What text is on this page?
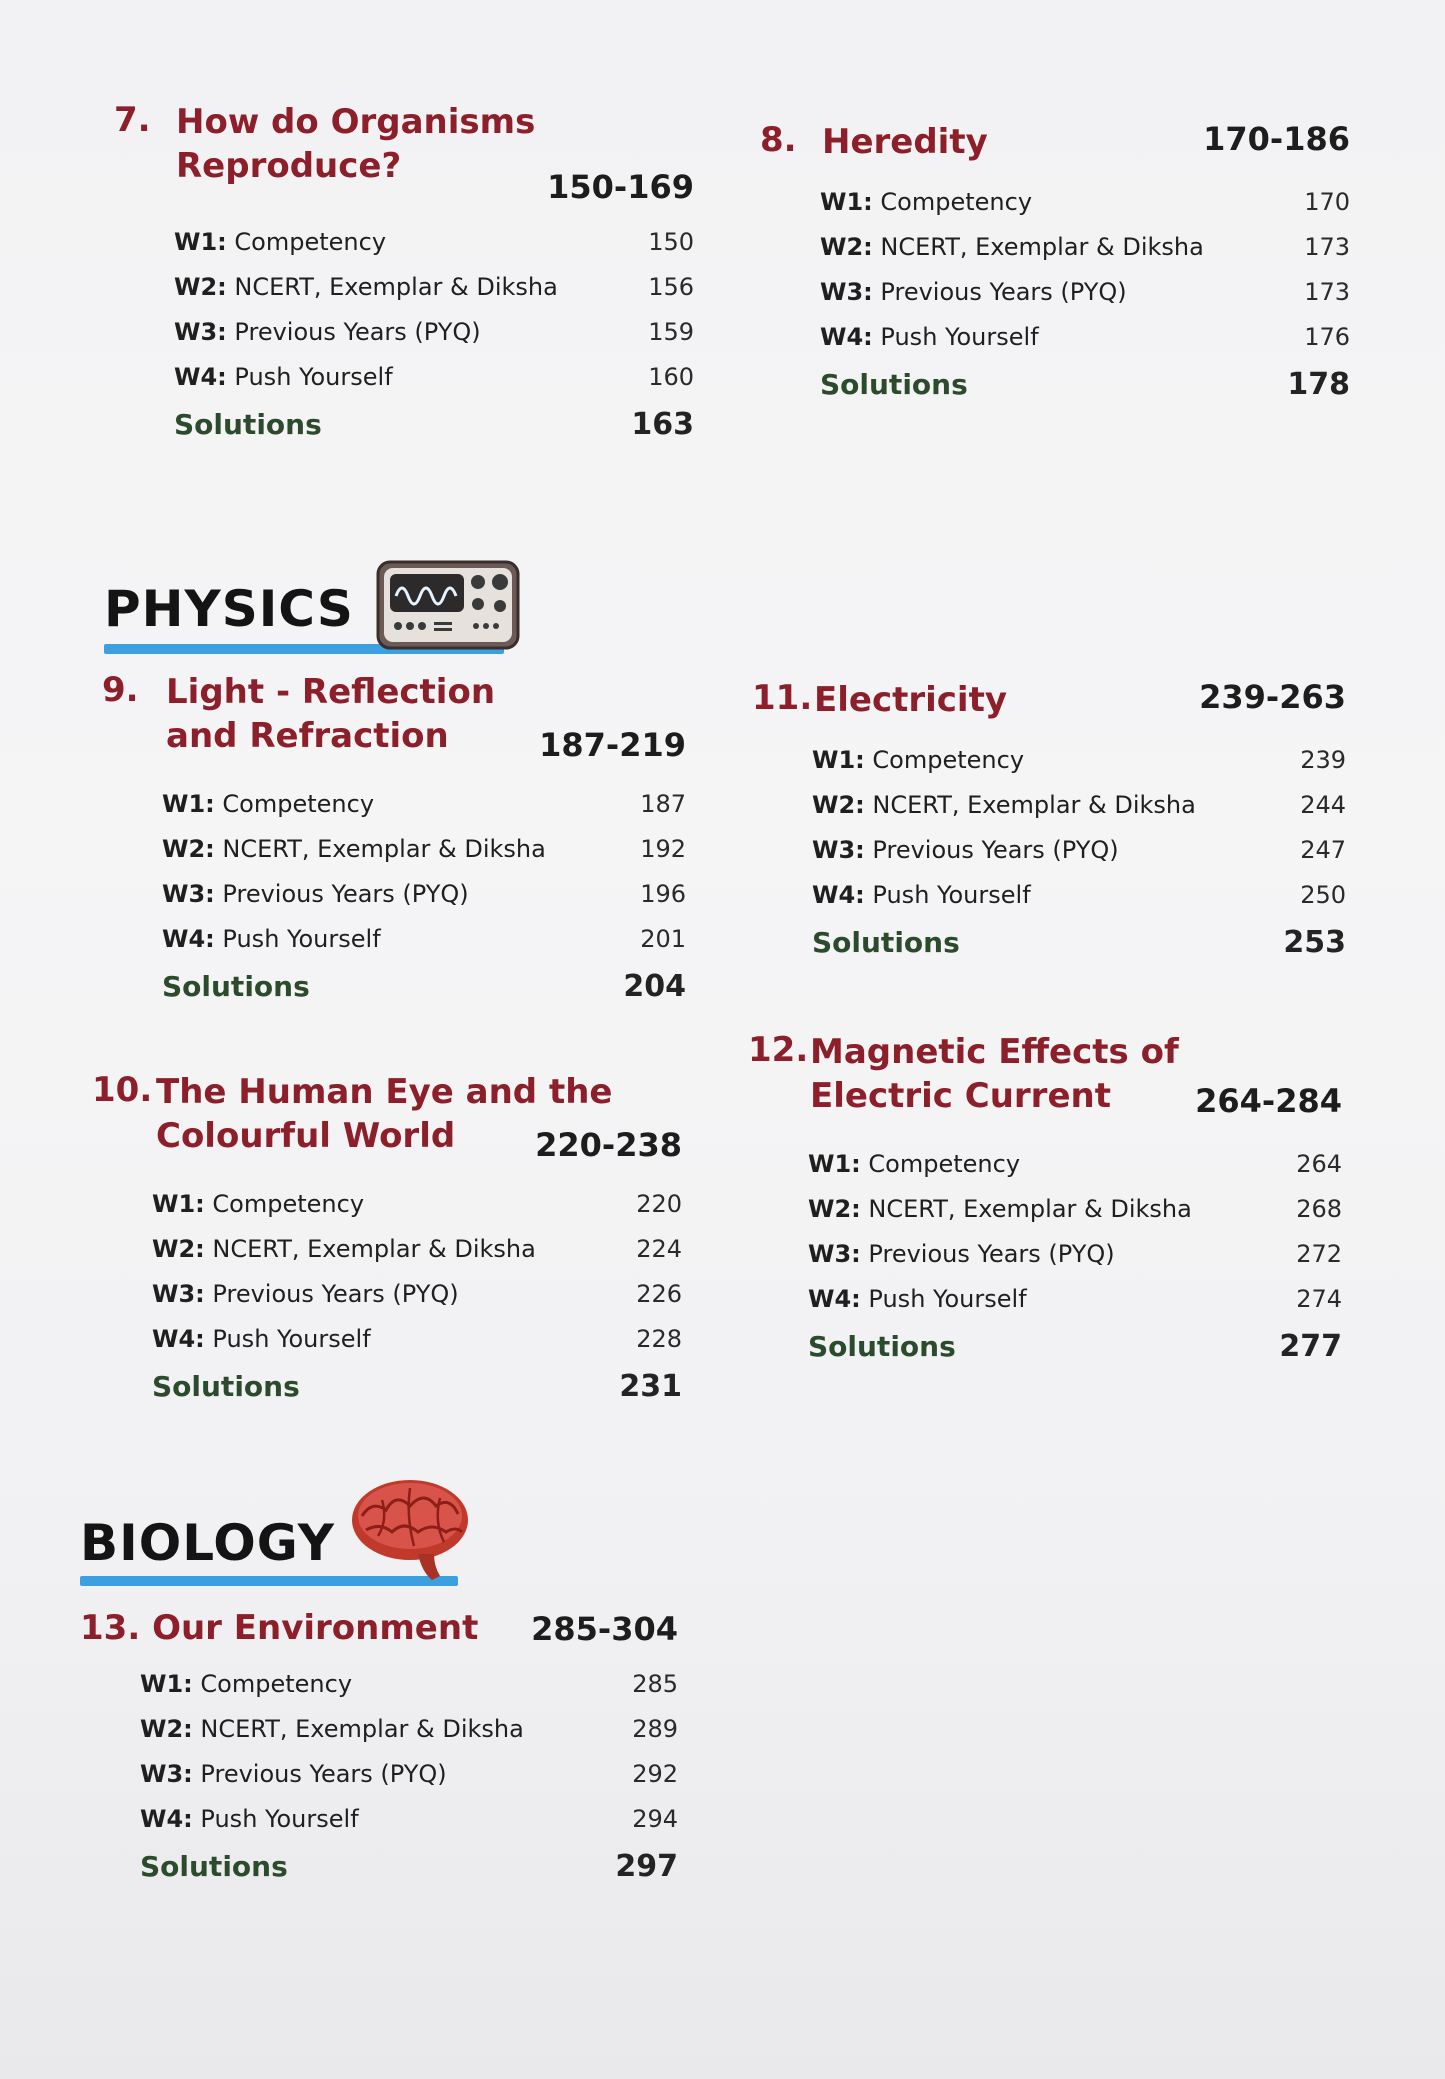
7. How do Organisms
Reproduce?
150-169
W1: Competency	150
W2: NCERT, Exemplar & Diksha	156
W3: Previous Years (PYQ)	159
W4: Push Yourself	160
Solutions	163
8. Heredity	170-186
W1: Competency	170
W2: NCERT, Exemplar & Diksha	173
W3: Previous Years (PYQ)	173
W4: Push Yourself	176
Solutions	178
PHYSICS
9. Light - Reflection
and Refraction	187-219
W1: Competency	187
W2: NCERT, Exemplar & Diksha	192
W3: Previous Years (PYQ)	196
W4: Push Yourself	201
Solutions	204
10. The Human Eye and the
Colourful World	220-238
W1: Competency	220
W2: NCERT, Exemplar & Diksha	224
W3: Previous Years (PYQ)	226
W4: Push Yourself	228
Solutions	231
11. Electricity	239-263
W1: Competency	239
W2: NCERT, Exemplar & Diksha	244
W3: Previous Years (PYQ)	247
W4: Push Yourself	250
Solutions	253
12. Magnetic Effects of
Electric Current	264-284
W1: Competency	264
W2: NCERT, Exemplar & Diksha	268
W3: Previous Years (PYQ)	272
W4: Push Yourself	274
Solutions	277
BIOLOGY
13. Our Environment	285-304
W1: Competency	285
W2: NCERT, Exemplar & Diksha	289
W3: Previous Years (PYQ)	292
W4: Push Yourself	294
Solutions	297
